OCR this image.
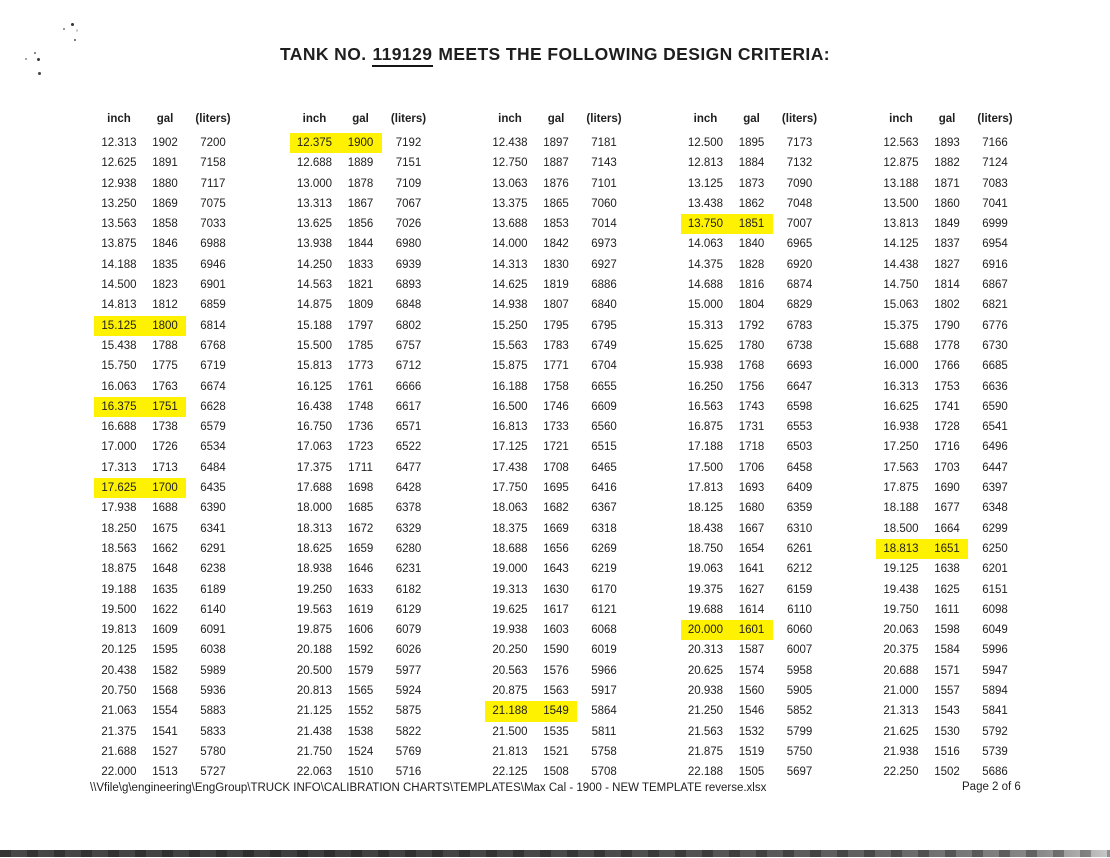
TANK NO. 119129 MEETS THE FOLLOWING DESIGN CRITERIA:
inch	gal	(liters)
12.313	1902	7200
12.625	1891	7158
12.938	1880	7117
13.250	1869	7075
13.563	1858	7033
13.875	1846	6988
14.188	1835	6946
14.500	1823	6901
14.813	1812	6859
15.125	1800	6814
15.438	1788	6768
15.750	1775	6719
16.063	1763	6674
16.375	1751	6628
16.688	1738	6579
17.000	1726	6534
17.313	1713	6484
17.625	1700	6435
17.938	1688	6390
18.250	1675	6341
18.563	1662	6291
18.875	1648	6238
19.188	1635	6189
19.500	1622	6140
19.813	1609	6091
20.125	1595	6038
20.438	1582	5989
20.750	1568	5936
21.063	1554	5883
21.375	1541	5833
21.688	1527	5780
22.000	1513	5727
inch	gal	(liters)
12.375	1900	7192
12.688	1889	7151
13.000	1878	7109
13.313	1867	7067
13.625	1856	7026
13.938	1844	6980
14.250	1833	6939
14.563	1821	6893
14.875	1809	6848
15.188	1797	6802
15.500	1785	6757
15.813	1773	6712
16.125	1761	6666
16.438	1748	6617
16.750	1736	6571
17.063	1723	6522
17.375	1711	6477
17.688	1698	6428
18.000	1685	6378
18.313	1672	6329
18.625	1659	6280
18.938	1646	6231
19.250	1633	6182
19.563	1619	6129
19.875	1606	6079
20.188	1592	6026
20.500	1579	5977
20.813	1565	5924
21.125	1552	5875
21.438	1538	5822
21.750	1524	5769
22.063	1510	5716
inch	gal	(liters)
12.438	1897	7181
12.750	1887	7143
13.063	1876	7101
13.375	1865	7060
13.688	1853	7014
14.000	1842	6973
14.313	1830	6927
14.625	1819	6886
14.938	1807	6840
15.250	1795	6795
15.563	1783	6749
15.875	1771	6704
16.188	1758	6655
16.500	1746	6609
16.813	1733	6560
17.125	1721	6515
17.438	1708	6465
17.750	1695	6416
18.063	1682	6367
18.375	1669	6318
18.688	1656	6269
19.000	1643	6219
19.313	1630	6170
19.625	1617	6121
19.938	1603	6068
20.250	1590	6019
20.563	1576	5966
20.875	1563	5917
21.188	1549	5864
21.500	1535	5811
21.813	1521	5758
22.125	1508	5708
inch	gal	(liters)
12.500	1895	7173
12.813	1884	7132
13.125	1873	7090
13.438	1862	7048
13.750	1851	7007
14.063	1840	6965
14.375	1828	6920
14.688	1816	6874
15.000	1804	6829
15.313	1792	6783
15.625	1780	6738
15.938	1768	6693
16.250	1756	6647
16.563	1743	6598
16.875	1731	6553
17.188	1718	6503
17.500	1706	6458
17.813	1693	6409
18.125	1680	6359
18.438	1667	6310
18.750	1654	6261
19.063	1641	6212
19.375	1627	6159
19.688	1614	6110
20.000	1601	6060
20.313	1587	6007
20.625	1574	5958
20.938	1560	5905
21.250	1546	5852
21.563	1532	5799
21.875	1519	5750
22.188	1505	5697
inch	gal	(liters)
12.563	1893	7166
12.875	1882	7124
13.188	1871	7083
13.500	1860	7041
13.813	1849	6999
14.125	1837	6954
14.438	1827	6916
14.750	1814	6867
15.063	1802	6821
15.375	1790	6776
15.688	1778	6730
16.000	1766	6685
16.313	1753	6636
16.625	1741	6590
16.938	1728	6541
17.250	1716	6496
17.563	1703	6447
17.875	1690	6397
18.188	1677	6348
18.500	1664	6299
18.813	1651	6250
19.125	1638	6201
19.438	1625	6151
19.750	1611	6098
20.063	1598	6049
20.375	1584	5996
20.688	1571	5947
21.000	1557	5894
21.313	1543	5841
21.625	1530	5792
21.938	1516	5739
22.250	1502	5686
\\Vfile\g\engineering\EngGroup\TRUCK INFO\CALIBRATION CHARTS\TEMPLATES\Max Cal - 1900 - NEW TEMPLATE reverse.xlsx	Page 2 of 6
